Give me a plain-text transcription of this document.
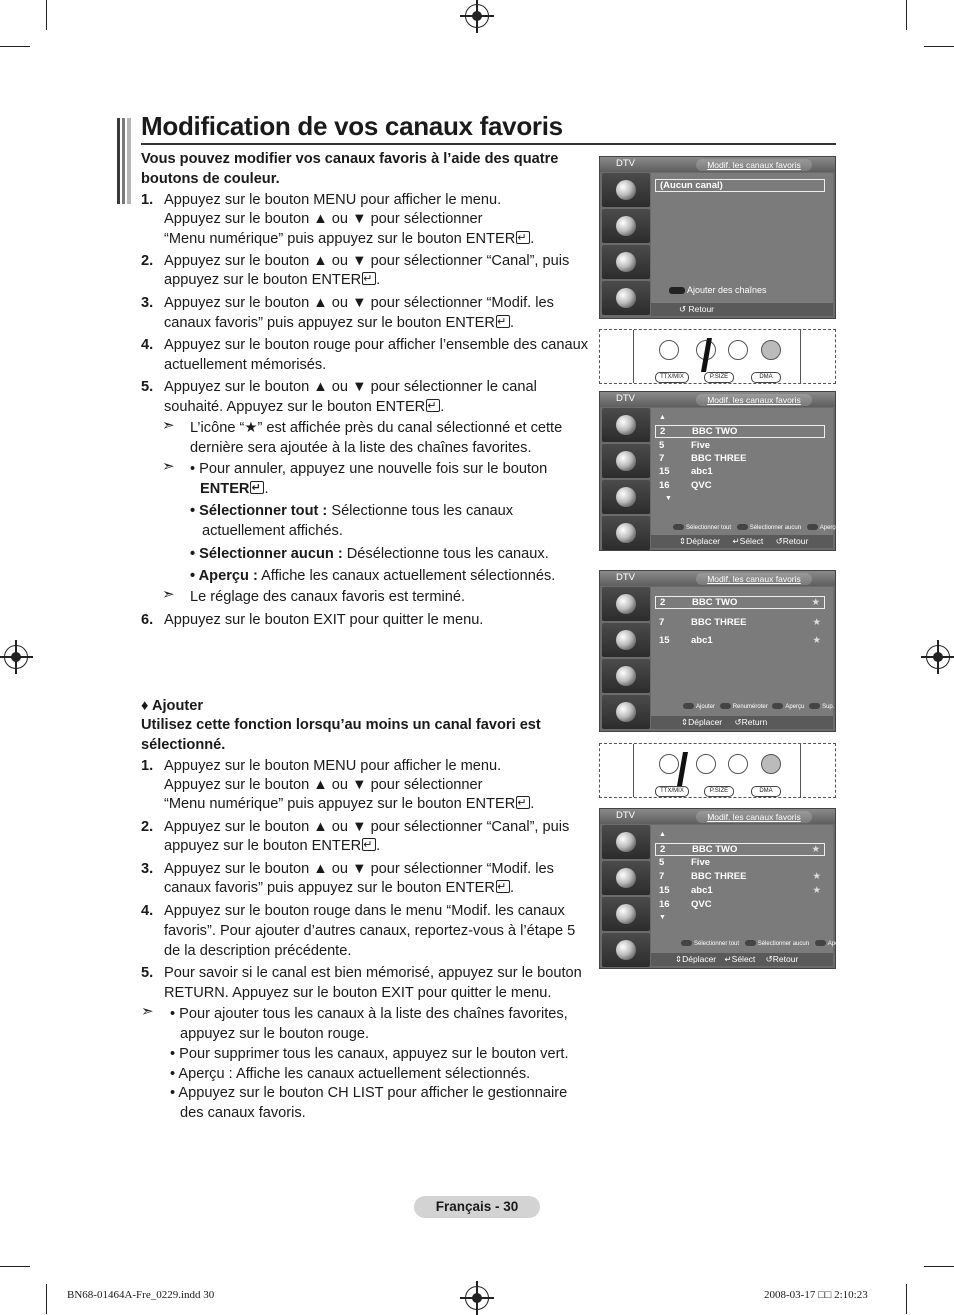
Modification de vos canaux favoris
Vous pouvez modifier vos canaux favoris à l’aide des quatre
boutons de couleur.
1. Appuyez sur le bouton MENU pour afficher le menu.
Appuyez sur le bouton ▲ ou ▼ pour sélectionner
“Menu numérique” puis appuyez sur le bouton ENTER ↵ .
2. Appuyez sur le bouton ▲ ou ▼ pour sélectionner “Canal”, puis
appuyez sur le bouton ENTER ↵ .
3. Appuyez sur le bouton ▲ ou ▼ pour sélectionner “Modif. les
canaux favoris” puis appuyez sur le bouton ENTER ↵ .
4. Appuyez sur le bouton rouge pour afficher l’ensemble des canaux
actuellement mémorisés.
5. Appuyez sur le bouton ▲ ou ▼ pour sélectionner le canal
souhaité. Appuyez sur le bouton ENTER ↵ .
➣ L’icône “★” est affichée près du canal sélectionné et cette
dernière sera ajoutée à la liste des chaînes favorites.
➣ • Pour annuler, appuyez une nouvelle fois sur le bouton
ENTER ↵ .
• Sélectionner tout : Sélectionne tous les canaux
actuellement affichés.
• Sélectionner aucun : Désélectionne tous les canaux.
• Aperçu : Affiche les canaux actuellement sélectionnés.
➣ Le réglage des canaux favoris est terminé.
6. Appuyez sur le bouton EXIT pour quitter le menu.
♦ Ajouter
Utilisez cette fonction lorsqu’au moins un canal favori est
sélectionné.
1. Appuyez sur le bouton MENU pour afficher le menu.
Appuyez sur le bouton ▲ ou ▼ pour sélectionner
“Menu numérique” puis appuyez sur le bouton ENTER ↵ .
2. Appuyez sur le bouton ▲ ou ▼ pour sélectionner “Canal”, puis
appuyez sur le bouton ENTER ↵ .
3. Appuyez sur le bouton ▲ ou ▼ pour sélectionner “Modif. les
canaux favoris” puis appuyez sur le bouton ENTER ↵ .
4. Appuyez sur le bouton rouge dans le menu “Modif. les canaux
favoris”. Pour ajouter d’autres canaux, reportez-vous à l’étape 5
de la description précédente.
5. Pour savoir si le canal est bien mémorisé, appuyez sur le bouton
RETURN. Appuyez sur le bouton EXIT pour quitter le menu.
➣ • Pour ajouter tous les canaux à la liste des chaînes favorites,
appuyez sur le bouton rouge.
• Pour supprimer tous les canaux, appuyez sur le bouton vert.
• Aperçu : Affiche les canaux actuellement sélectionnés.
• Appuyez sur le bouton CH LIST pour afficher le gestionnaire
des canaux favoris.
DTV	Modif. les canaux favoris
(Aucun canal)
Ajouter des chaînes
↺ Retour
TTX/MIX	P.SIZE	DMA
DTV	Modif. les canaux favoris
▲
2	BBC TWO
5	Five
7	BBC THREE
15 abc1
16 QVC
▼
Sélectionner tout	Sélectionner aucun	Aperçu
⇕Déplacer ↵Sélect ↺Retour
DTV	Modif. les canaux favoris
2	BBC TWO	★
7	BBC THREE	★
15 abc1	★
Ajouter	Renuméroter	Aperçu	Sup.
⇕Déplacer ↺Return
TTX/MIX	P.SIZE	DMA
DTV	Modif. les canaux favoris
▲
2	BBC TWO	★
5	Five
7	BBC THREE	★
15 abc1	★
16 QVC
▼
Sélectionner tout	Sélectionner aucun	Aperçu
⇕Déplacer ↵Sélect ↺Retour
Français - 30
BN68-01464A-Fre_0229.indd 30	2008-03-17 □□ 2:10:23
